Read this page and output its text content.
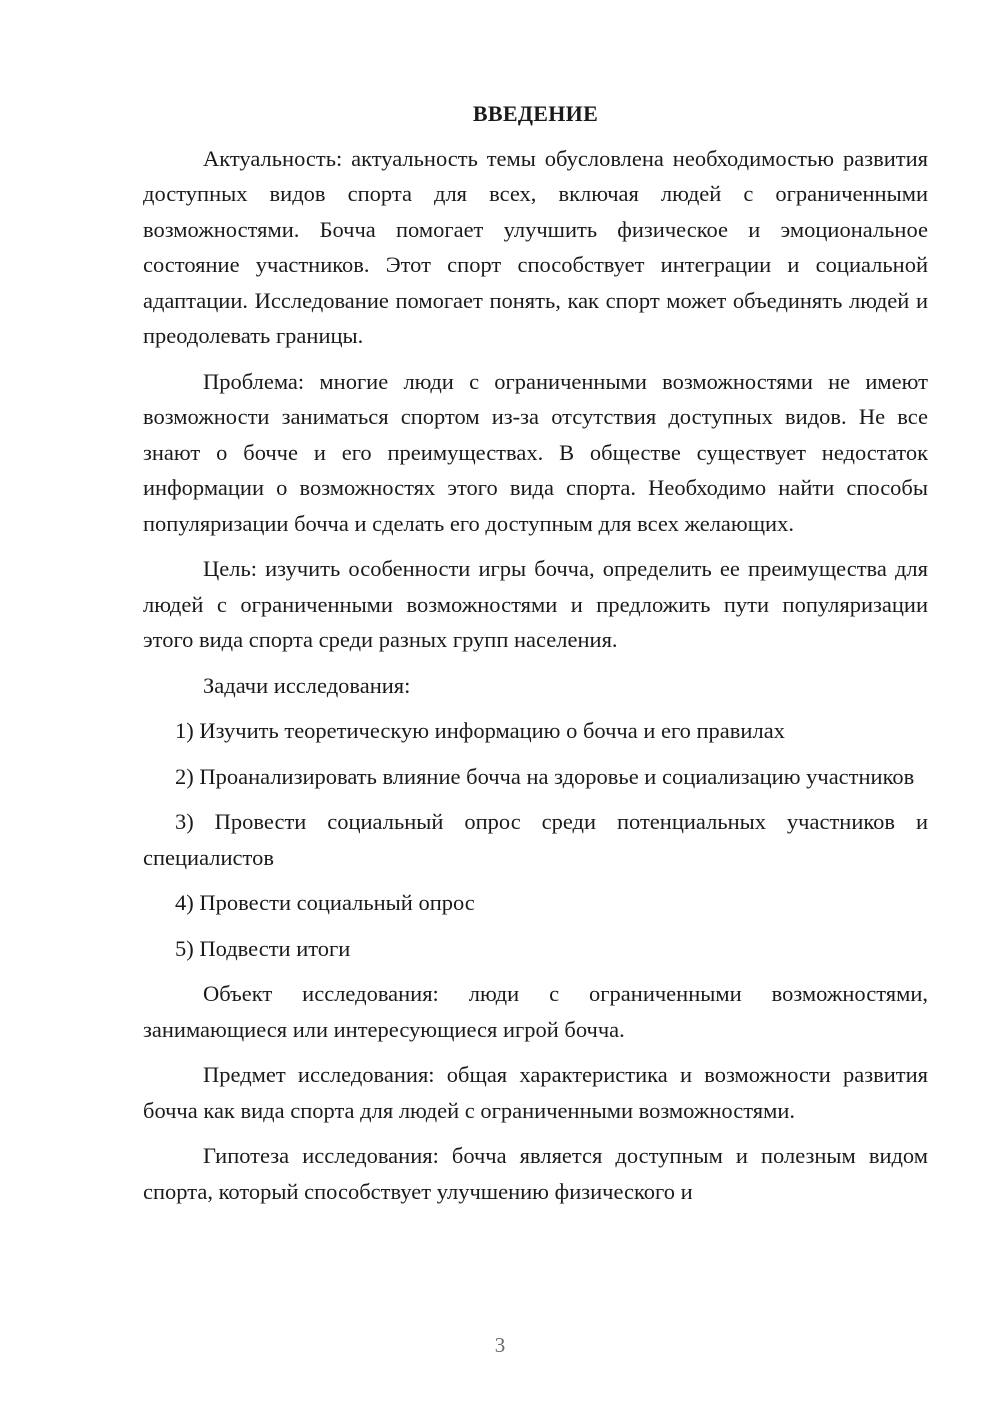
ВВЕДЕНИЕ

Актуальность: актуальность темы обусловлена необходимостью развития доступных видов спорта для всех, включая людей с ограниченными возможностями. Бочча помогает улучшить физическое и эмоциональное состояние участников. Этот спорт способствует интеграции и социальной адаптации. Исследование помогает понять, как спорт может объединять людей и преодолевать границы.

Проблема: многие люди с ограниченными возможностями не имеют возможности заниматься спортом из-за отсутствия доступных видов. Не все знают о бочче и его преимуществах. В обществе существует недостаток информации о возможностях этого вида спорта. Необходимо найти способы популяризации бочча и сделать его доступным для всех желающих.

Цель: изучить особенности игры бочча, определить ее преимущества для людей с ограниченными возможностями и предложить пути популяризации этого вида спорта среди разных групп населения.

Задачи исследования:

1) Изучить теоретическую информацию о бочча и его правилах

2) Проанализировать влияние бочча на здоровье и социализацию участников

3) Провести социальный опрос среди потенциальных участников и специалистов

4) Провести социальный опрос

5) Подвести итоги

Объект исследования: люди с ограниченными возможностями, занимающиеся или интересующиеся игрой бочча.

Предмет исследования: общая характеристика и возможности развития бочча как вида спорта для людей с ограниченными возможностями.

Гипотеза исследования: бочча является доступным и полезным видом спорта, который способствует улучшению физического и

3
